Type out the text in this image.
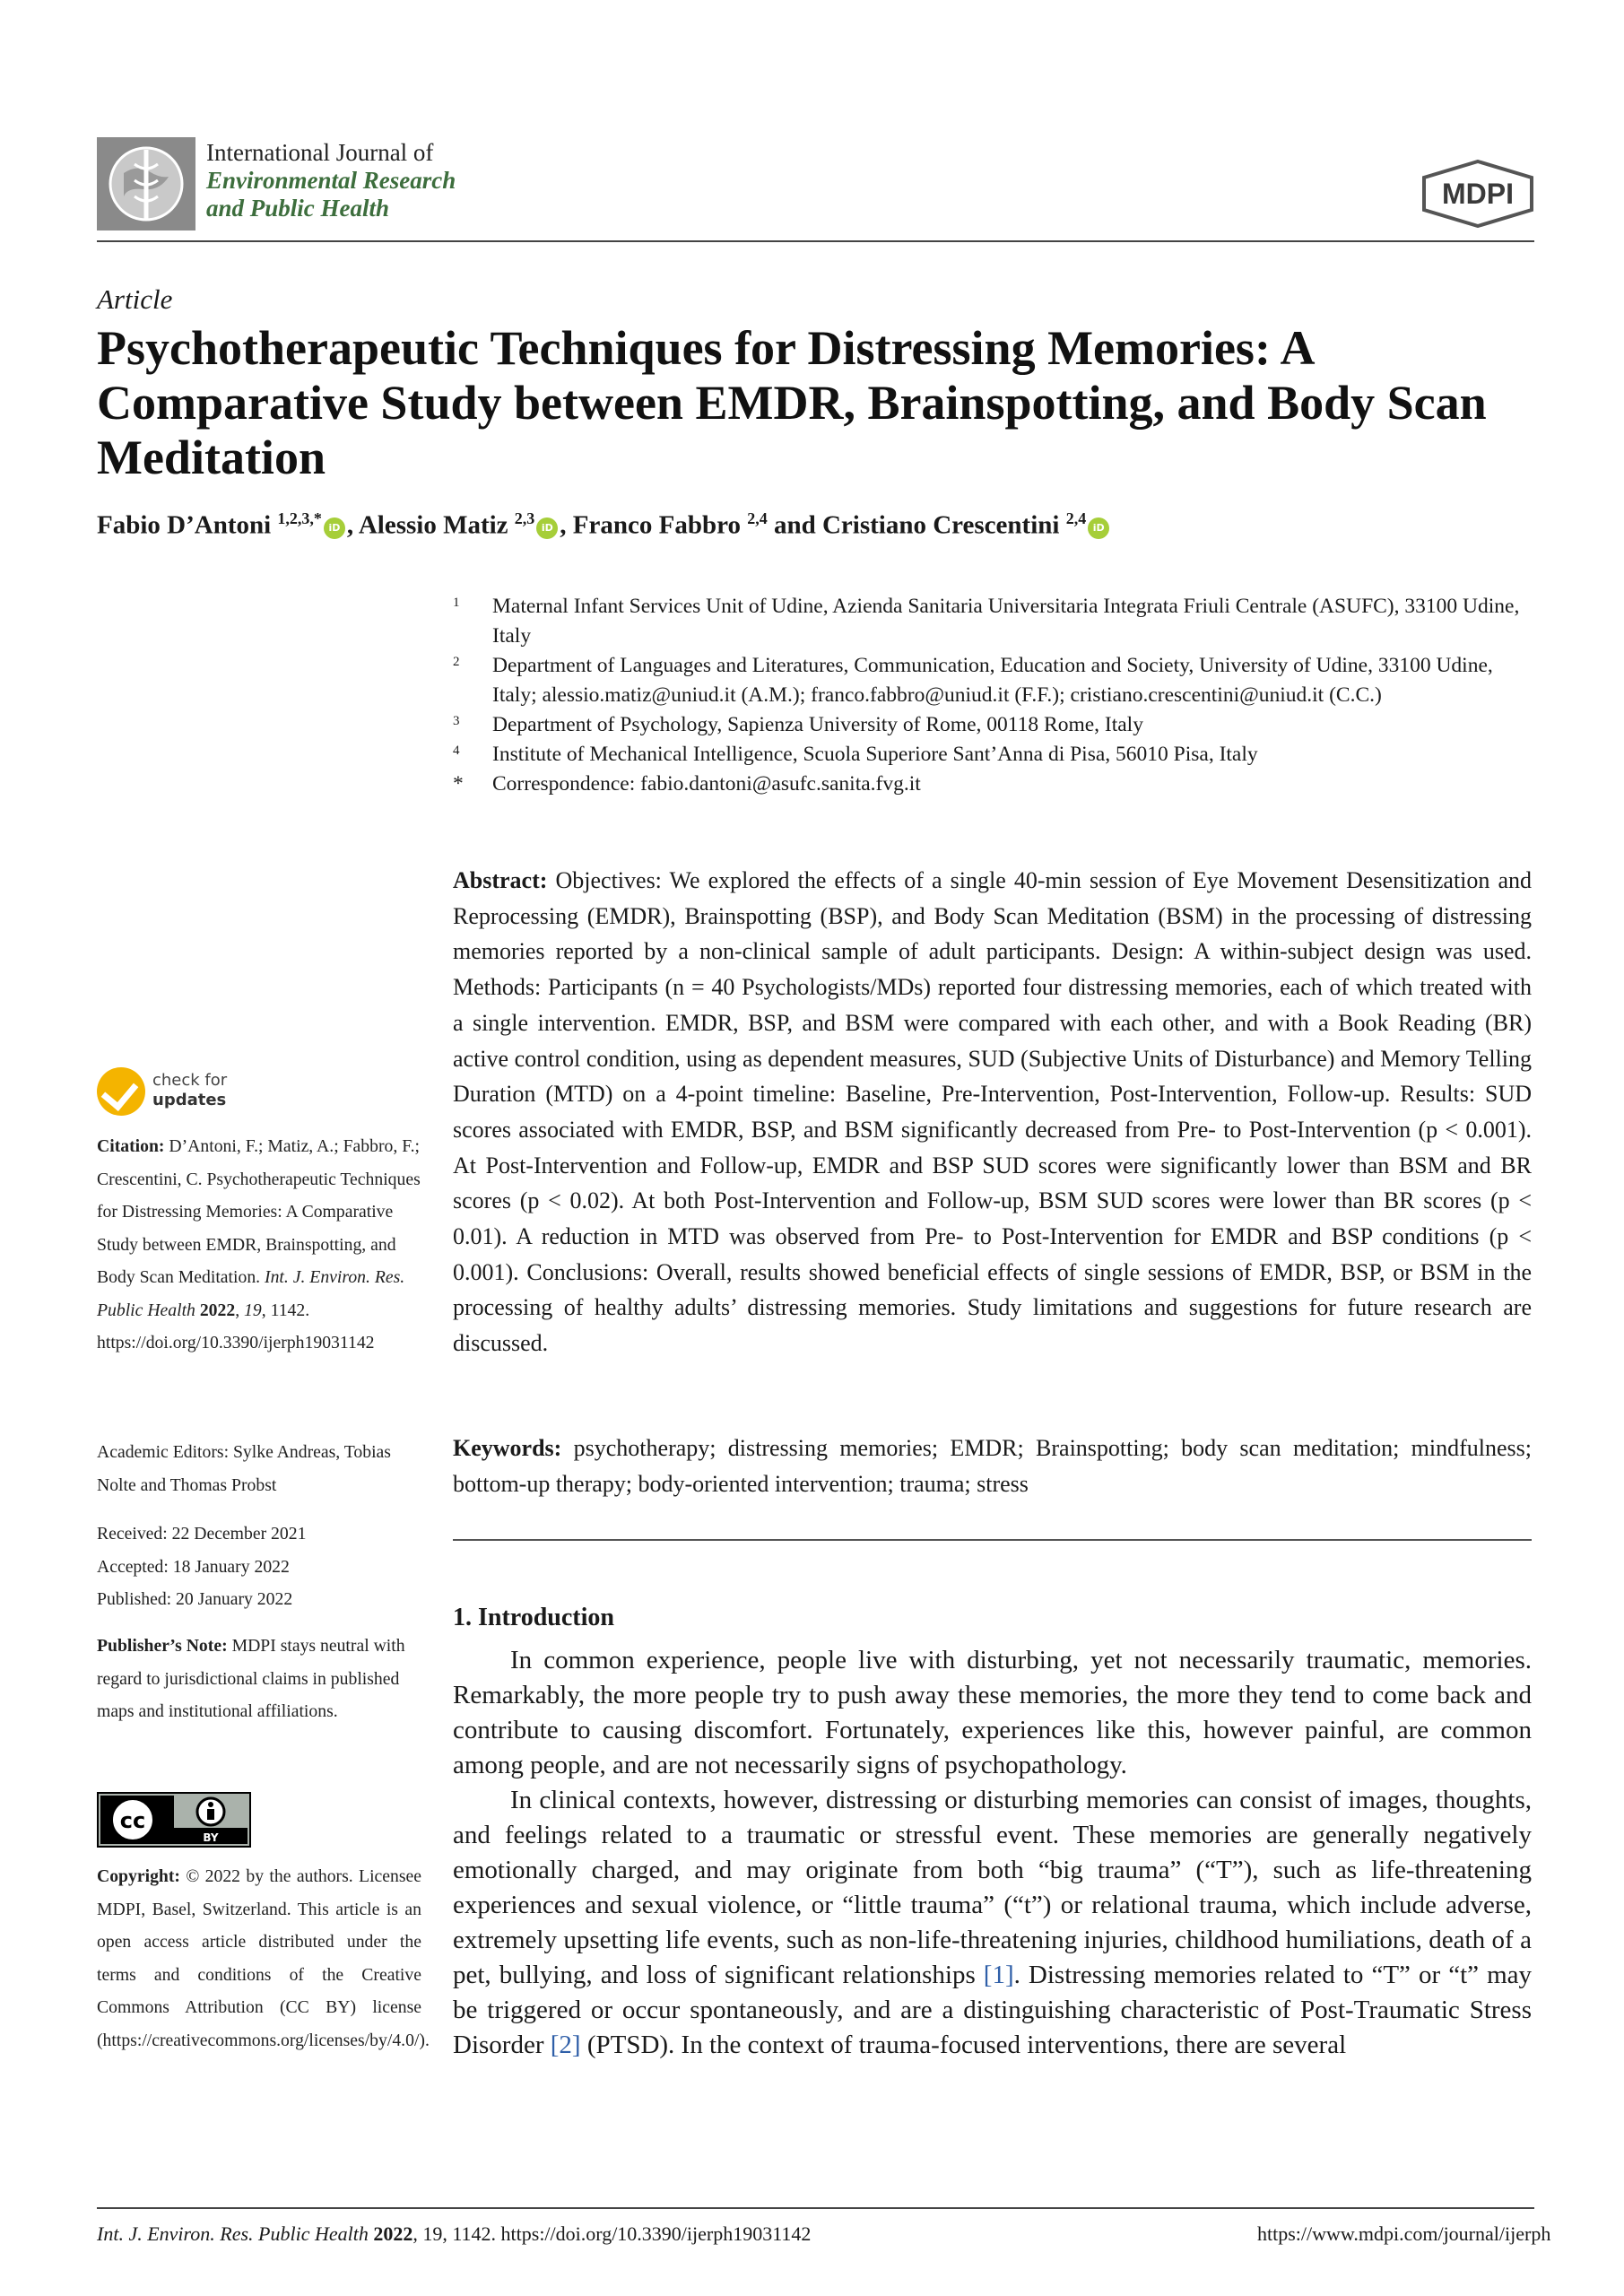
International Journal of
Environmental Research
and Public Health	MDPI
Article
Psychotherapeutic Techniques for Distressing Memories: A Comparative Study between EMDR, Brainspotting, and Body Scan Meditation
Fabio D’Antoni $^{1,2,3,*}$iD , Alessio Matiz $^{2,3}$iD , Franco Fabbro $^{2,4}$ and Cristiano Crescentini $^{2,4}$iD
1	Maternal Infant Services Unit of Udine, Azienda Sanitaria Universitaria Integrata Friuli Centrale (ASUFC), 33100 Udine, Italy
2	Department of Languages and Literatures, Communication, Education and Society, University of Udine, 33100 Udine, Italy; alessio.matiz@uniud.it (A.M.); franco.fabbro@uniud.it (F.F.); cristiano.crescentini@uniud.it (C.C.)
3	Department of Psychology, Sapienza University of Rome, 00118 Rome, Italy
4	Institute of Mechanical Intelligence, Scuola Superiore Sant’Anna di Pisa, 56010 Pisa, Italy
*	Correspondence: fabio.dantoni@asufc.sanita.fvg.it
Abstract: Objectives: We explored the effects of a single 40-min session of Eye Movement Desensitization and Reprocessing (EMDR), Brainspotting (BSP), and Body Scan Meditation (BSM) in the processing of distressing memories reported by a non-clinical sample of adult participants. Design: A within-subject design was used. Methods: Participants (n = 40 Psychologists/MDs) reported four distressing memories, each of which treated with a single intervention. EMDR, BSP, and BSM were compared with each other, and with a Book Reading (BR) active control condition, using as dependent measures, SUD (Subjective Units of Disturbance) and Memory Telling Duration (MTD) on a 4-point timeline: Baseline, Pre-Intervention, Post-Intervention, Follow-up. Results: SUD scores associated with EMDR, BSP, and BSM significantly decreased from Pre- to Post-Intervention (p < 0.001). At Post-Intervention and Follow-up, EMDR and BSP SUD scores were significantly lower than BSM and BR scores (p < 0.02). At both Post-Intervention and Follow-up, BSM SUD scores were lower than BR scores (p < 0.01). A reduction in MTD was observed from Pre- to Post-Intervention for EMDR and BSP conditions (p < 0.001). Conclusions: Overall, results showed beneficial effects of single sessions of EMDR, BSP, or BSM in the processing of healthy adults’ distressing memories. Study limitations and suggestions for future research are discussed.
Keywords: psychotherapy; distressing memories; EMDR; Brainspotting; body scan meditation; mindfulness; bottom-up therapy; body-oriented intervention; trauma; stress
1. Introduction

In common experience, people live with disturbing, yet not necessarily traumatic, memories. Remarkably, the more people try to push away these memories, the more they tend to come back and contribute to causing discomfort. Fortunately, experiences like this, however painful, are common among people, and are not necessarily signs of psychopathology.

In clinical contexts, however, distressing or disturbing memories can consist of images, thoughts, and feelings related to a traumatic or stressful event. These memories are generally negatively emotionally charged, and may originate from both “big trauma” (“T”), such as life-threatening experiences and sexual violence, or “little trauma” (“t”) or relational trauma, which include adverse, extremely upsetting life events, such as non-life-threatening injuries, childhood humiliations, death of a pet, bullying, and loss of significant relationships [1]. Distressing memories related to “T” or “t” may be triggered or occur spontaneously, and are a distinguishing characteristic of Post-Traumatic Stress Disorder [2] (PTSD). In the context of trauma-focused interventions, there are several

check for
updates
Citation: D’Antoni, F.; Matiz, A.; Fabbro, F.; Crescentini, C. Psychotherapeutic Techniques for Distressing Memories: A Comparative Study between EMDR, Brainspotting, and Body Scan Meditation. Int. J. Environ. Res. Public Health 2022, 19, 1142. https://doi.org/10.3390/ijerph19031142
Academic Editors: Sylke Andreas, Tobias Nolte and Thomas Probst
Received: 22 December 2021
Accepted: 18 January 2022
Published: 20 January 2022
Publisher’s Note: MDPI stays neutral with regard to jurisdictional claims in published maps and institutional affiliations.
cc
BY
Copyright: © 2022 by the authors. Licensee MDPI, Basel, Switzerland. This article is an open access article distributed under the terms and conditions of the Creative Commons Attribution (CC BY) license (https://creativecommons.org/licenses/by/4.0/).
Int. J. Environ. Res. Public Health 2022, 19, 1142. https://doi.org/10.3390/ijerph19031142	https://www.mdpi.com/journal/ijerph
